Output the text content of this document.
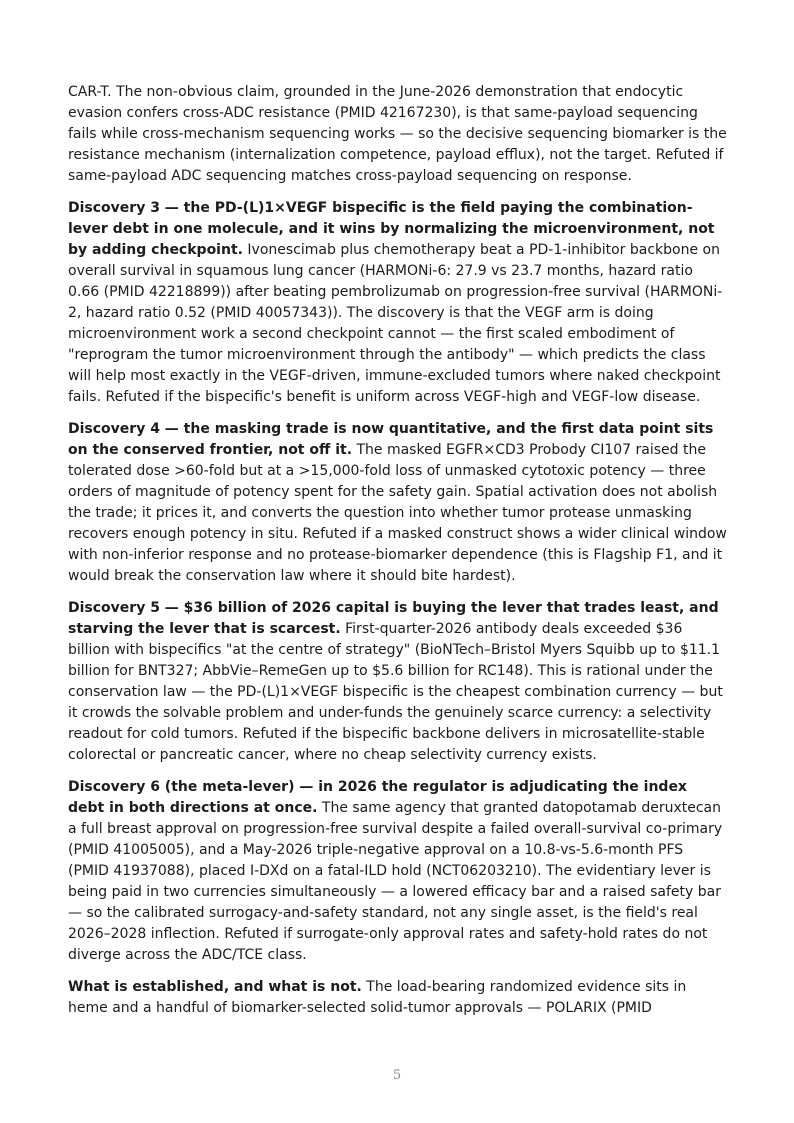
CAR-T. The non-obvious claim, grounded in the June-2026 demonstration that endocytic evasion confers cross-ADC resistance (PMID 42167230), is that same-payload sequencing fails while cross-mechanism sequencing works — so the decisive sequencing biomarker is the resistance mechanism (internalization competence, payload efflux), not the target. Refuted if same-payload ADC sequencing matches cross-payload sequencing on response.

Discovery 3 — the PD-(L)1×VEGF bispecific is the field paying the combination-lever debt in one molecule, and it wins by normalizing the microenvironment, not by adding checkpoint. Ivonescimab plus chemotherapy beat a PD-1-inhibitor backbone on overall survival in squamous lung cancer (HARMONi-6: 27.9 vs 23.7 months, hazard ratio 0.66 (PMID 42218899)) after beating pembrolizumab on progression-free survival (HARMONi-2, hazard ratio 0.52 (PMID 40057343)). The discovery is that the VEGF arm is doing microenvironment work a second checkpoint cannot — the first scaled embodiment of "reprogram the tumor microenvironment through the antibody" — which predicts the class will help most exactly in the VEGF-driven, immune-excluded tumors where naked checkpoint fails. Refuted if the bispecific's benefit is uniform across VEGF-high and VEGF-low disease.

Discovery 4 — the masking trade is now quantitative, and the first data point sits on the conserved frontier, not off it. The masked EGFR×CD3 Probody CI107 raised the tolerated dose >60-fold but at a >15,000-fold loss of unmasked cytotoxic potency — three orders of magnitude of potency spent for the safety gain. Spatial activation does not abolish the trade; it prices it, and converts the question into whether tumor protease unmasking recovers enough potency in situ. Refuted if a masked construct shows a wider clinical window with non-inferior response and no protease-biomarker dependence (this is Flagship F1, and it would break the conservation law where it should bite hardest).

Discovery 5 — $36 billion of 2026 capital is buying the lever that trades least, and starving the lever that is scarcest. First-quarter-2026 antibody deals exceeded $36 billion with bispecifics "at the centre of strategy" (BioNTech–Bristol Myers Squibb up to $11.1 billion for BNT327; AbbVie–RemeGen up to $5.6 billion for RC148). This is rational under the conservation law — the PD-(L)1×VEGF bispecific is the cheapest combination currency — but it crowds the solvable problem and under-funds the genuinely scarce currency: a selectivity readout for cold tumors. Refuted if the bispecific backbone delivers in microsatellite-stable colorectal or pancreatic cancer, where no cheap selectivity currency exists.

Discovery 6 (the meta-lever) — in 2026 the regulator is adjudicating the index debt in both directions at once. The same agency that granted datopotamab deruxtecan a full breast approval on progression-free survival despite a failed overall-survival co-primary (PMID 41005005), and a May-2026 triple-negative approval on a 10.8-vs-5.6-month PFS (PMID 41937088), placed I-DXd on a fatal-ILD hold (NCT06203210). The evidentiary lever is being paid in two currencies simultaneously — a lowered efficacy bar and a raised safety bar — so the calibrated surrogacy-and-safety standard, not any single asset, is the field's real 2026–2028 inflection. Refuted if surrogate-only approval rates and safety-hold rates do not diverge across the ADC/TCE class.

What is established, and what is not. The load-bearing randomized evidence sits in heme and a handful of biomarker-selected solid-tumor approvals — POLARIX (PMID

5
